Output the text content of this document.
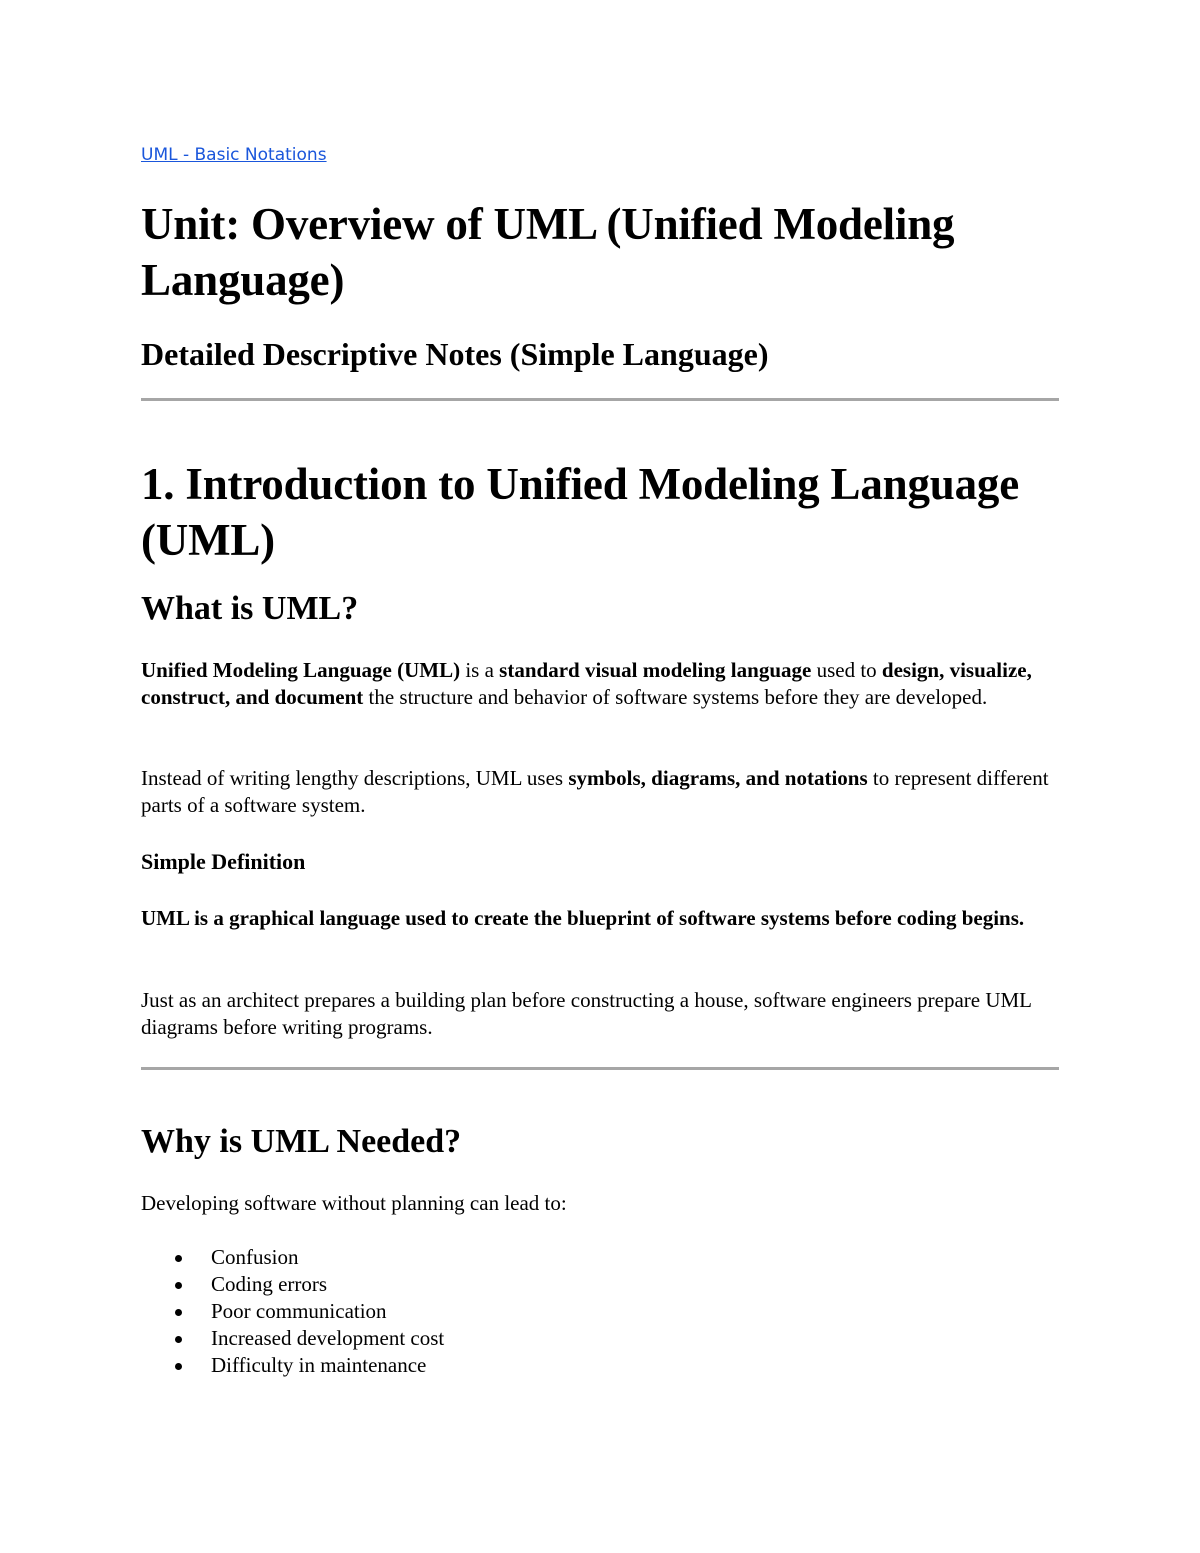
UML - Basic Notations
Unit: Overview of UML (Unified Modeling Language)
Detailed Descriptive Notes (Simple Language)
1. Introduction to Unified Modeling Language (UML)
What is UML?

Unified Modeling Language (UML) is a standard visual modeling language used to design, visualize, construct, and document the structure and behavior of software systems before they are developed.

Instead of writing lengthy descriptions, UML uses symbols, diagrams, and notations to represent different parts of a software system.

Simple Definition

UML is a graphical language used to create the blueprint of software systems before coding begins.

Just as an architect prepares a building plan before constructing a house, software engineers prepare UML diagrams before writing programs.

Why is UML Needed?

Developing software without planning can lead to:

Confusion
Coding errors
Poor communication
Increased development cost
Difficulty in maintenance
